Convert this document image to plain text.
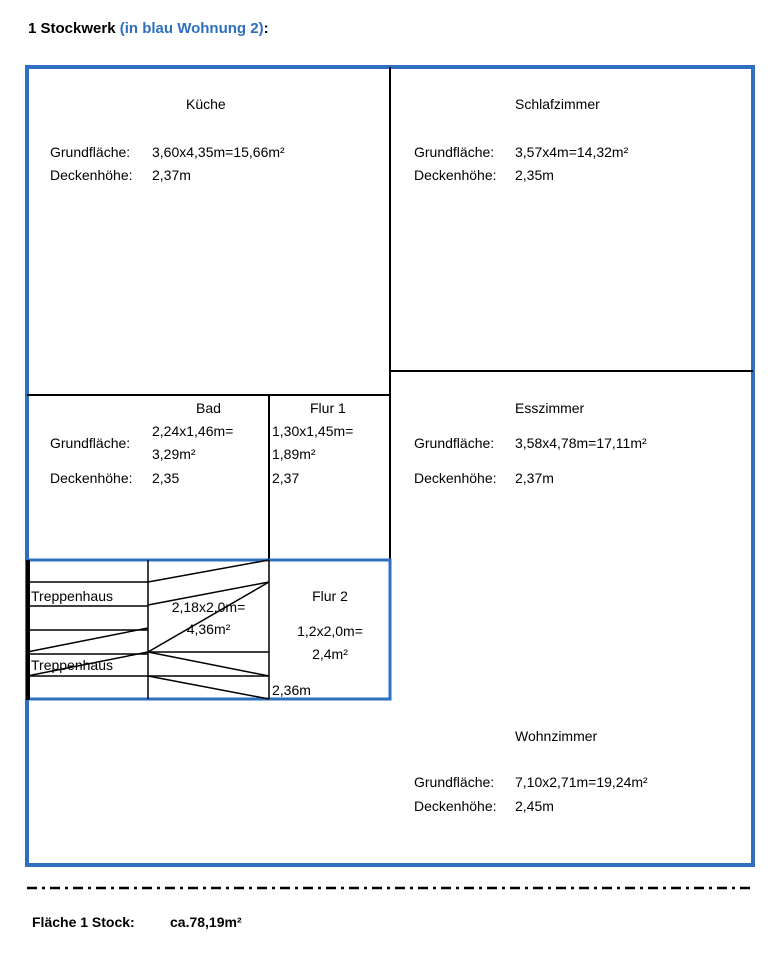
1 Stockwerk (in blau Wohnung 2):
Küche
Grundfläche: 3,60x4,35m=15,66m²
Deckenhöhe: 2,37m
Schlafzimmer
Grundfläche: 3,57x4m=14,32m²
Deckenhöhe: 2,35m
Bad
Grundfläche:
2,24x1,46m=
3,29m²
Deckenhöhe: 2,35
Flur 1
1,30x1,45m=
1,89m²
2,37
Esszimmer
Grundfläche: 3,58x4,78m=17,11m²
Deckenhöhe: 2,37m
Treppenhaus
Treppenhaus
2,18x2,0m=
4,36m²
Flur 2
1,2x2,0m=
2,4m²
2,36m
Wohnzimmer
Grundfläche: 7,10x2,71m=19,24m²
Deckenhöhe: 2,45m
Fläche 1 Stock:	ca.78,19m²
